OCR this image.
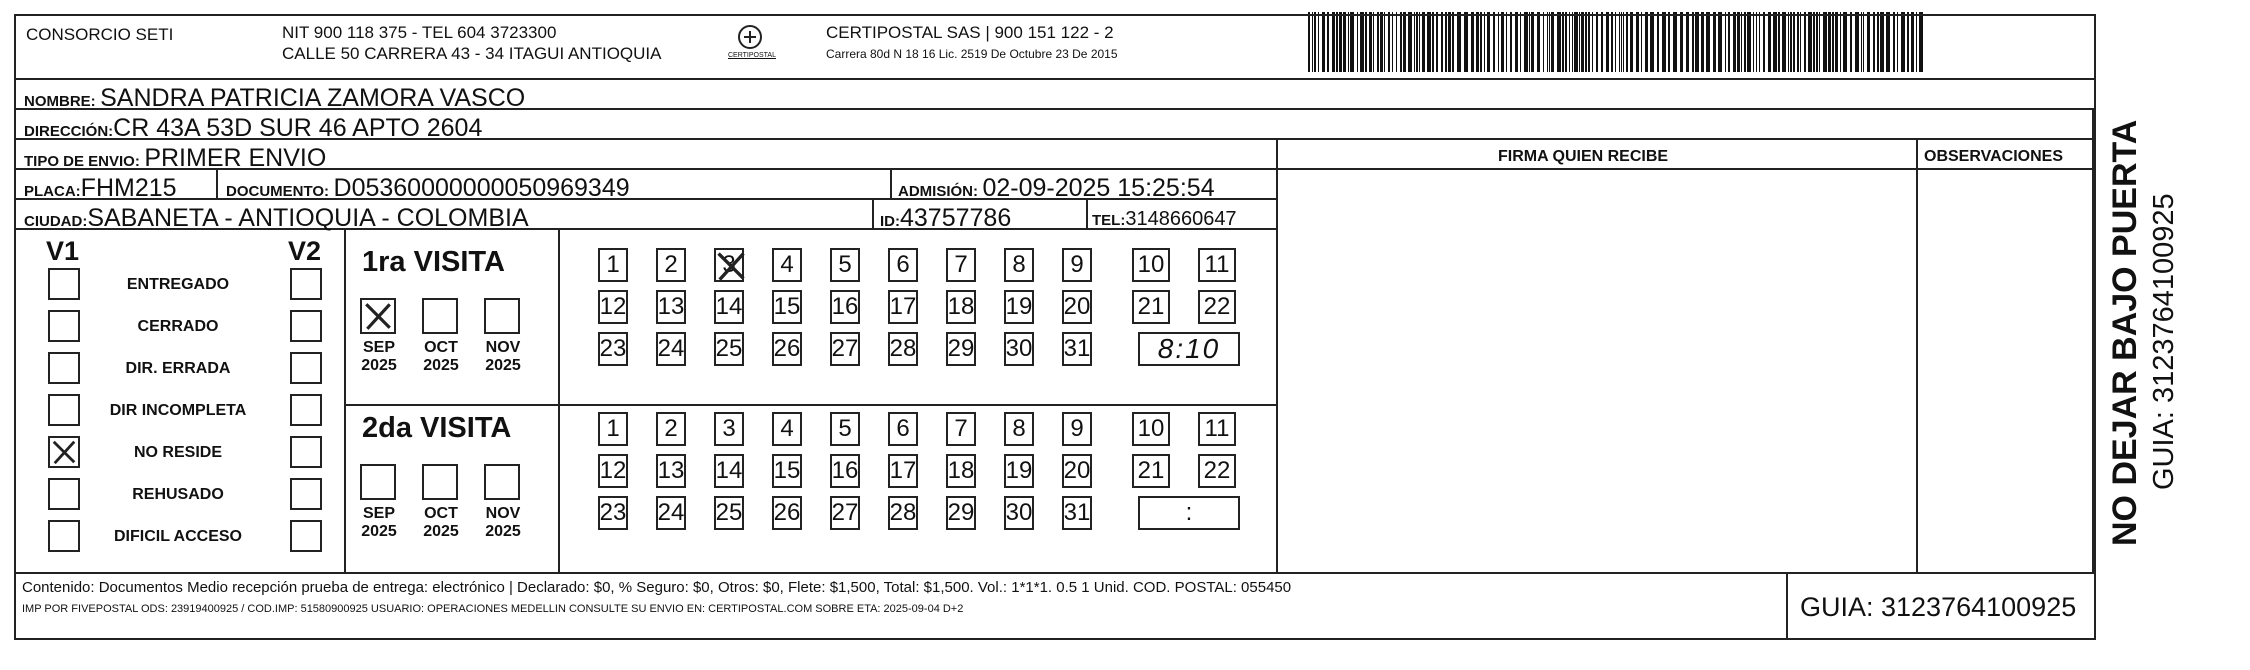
CONSORCIO SETI	NIT 900 118 375 - TEL 604 3723300
CALLE 50 CARRERA 43 - 34 ITAGUI ANTIOQUIA	CERTIPOSTAL
CERTIPOSTAL SAS | 900 151 122 - 2
Carrera 80d N 18 16 Lic. 2519 De Octubre 23 De 2015
NOMBRE: SANDRA PATRICIA ZAMORA VASCO
DIRECCIÓN:CR 43A 53D SUR 46 APTO 2604
TIPO DE ENVIO: PRIMER ENVIO	FIRMA QUIEN RECIBE	OBSERVACIONES
PLACA:FHM215	DOCUMENTO: D05360000000050969349	ADMISIÓN: 02-09-2025 15:25:54
CIUDAD:SABANETA - ANTIOQUIA - COLOMBIA	ID:43757786	TEL:3148660647
V1	V2 1ra VISITA
2da VISITA
Contenido: Documentos Medio recepción prueba de entrega: electrónico | Declarado: $0, % Seguro: $0, Otros: $0, Flete: $1,500, Total: $1,500. Vol.: 1*1*1. 0.5 1 Unid. COD. POSTAL: 055450
IMP POR FIVEPOSTAL ODS: 23919400925 / COD.IMP: 51580900925 USUARIO: OPERACIONES MEDELLIN CONSULTE SU ENVIO EN: CERTIPOSTAL.COM SOBRE ETA: 2025-09-04 D+2	GUIA: 3123764100925
NO DEJAR BAJO PUERTA GUIA: 3123764100925
ENTREGADO
CERRADO
DIR. ERRADA
DIR INCOMPLETA
NO RESIDE
REHUSADO
DIFICIL ACCESO
SEP
2025
OCT
2025
NOV
2025
SEP
2025
OCT
2025
NOV
2025
1 2 3 4 5 6 7 8 9 10 11
12 13 14 15 16 17 18 19 20 21 22
23 24 25 26 27 28 29 30 31 8:10
1 2 3 4 5 6 7 8 9 10 11
12 13 14 15 16 17 18 19 20 21 22
23 24 25 26 27 28 29 30 31	:
